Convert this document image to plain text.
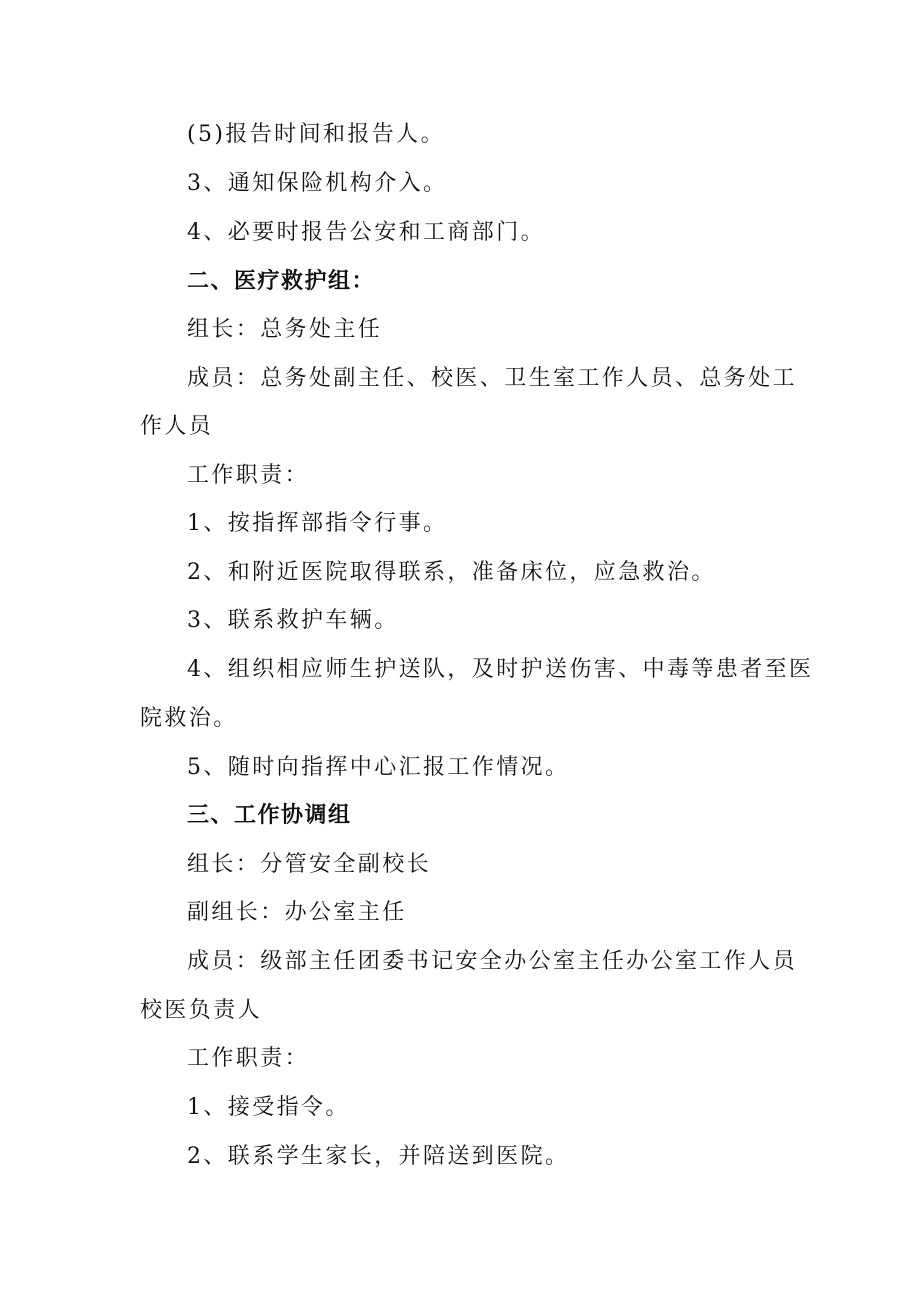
(5)报告时间和报告人。
3、通知保险机构介入。
4、必要时报告公安和工商部门。
二、医疗救护组：
组长：总务处主任
成员：总务处副主任、校医、卫生室工作人员、总务处工
作人员
工作职责：
1、按指挥部指令行事。
2、和附近医院取得联系，准备床位，应急救治。
3、联系救护车辆。
4、组织相应师生护送队，及时护送伤害、中毒等患者至医
院救治。
5、随时向指挥中心汇报工作情况。
三、工作协调组
组长：分管安全副校长
副组长：办公室主任
成员：级部主任团委书记安全办公室主任办公室工作人员
校医负责人
工作职责：
1、接受指令。
2、联系学生家长，并陪送到医院。
